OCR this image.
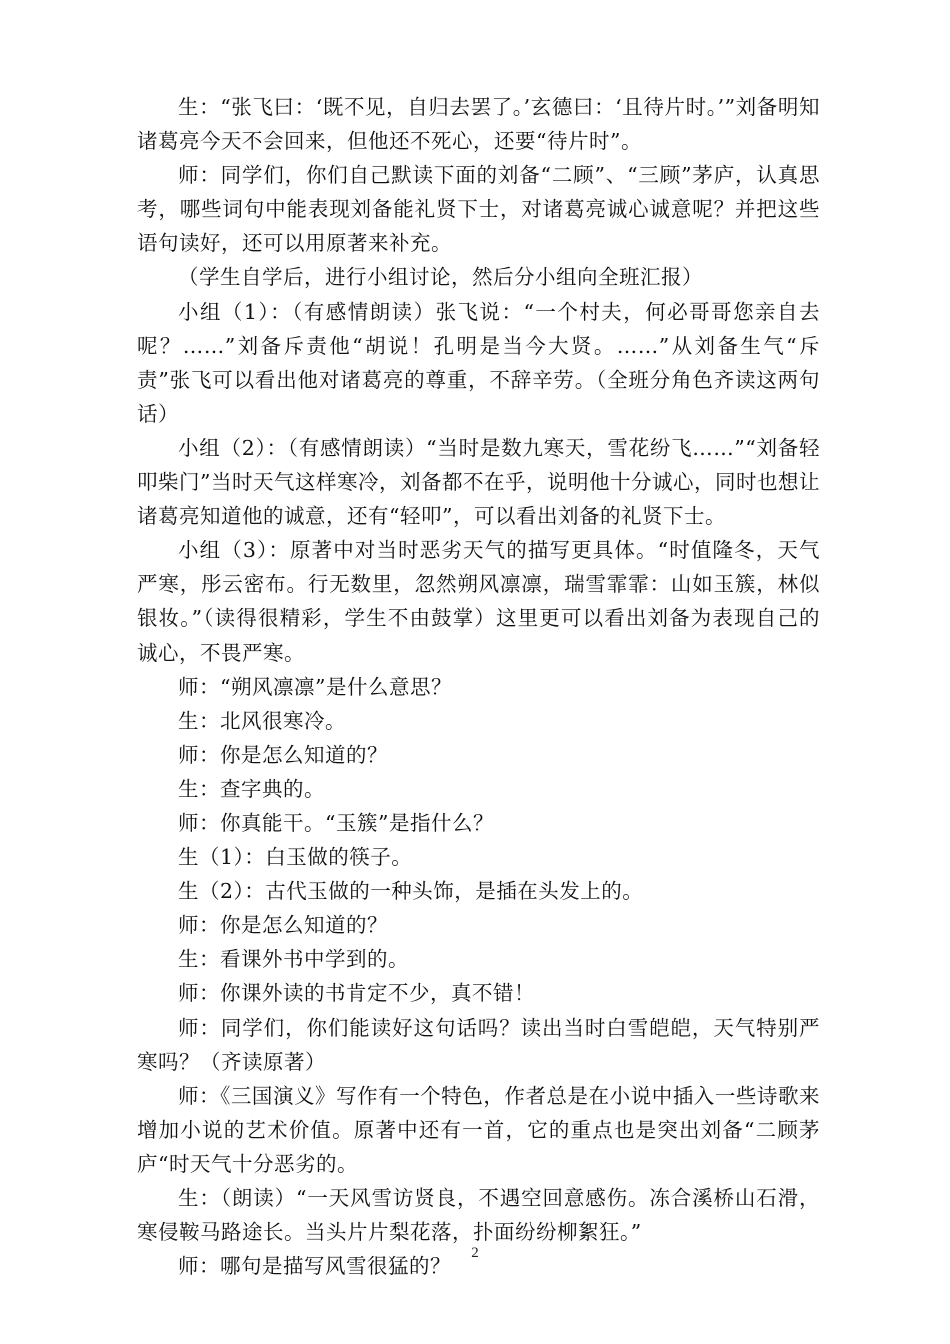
生：“张飞曰：‘既不见，自归去罢了。’玄德曰：‘且待片时。’”刘备明知诸葛亮今天不会回来，但他还不死心，还要“待片时”。

师：同学们，你们自己默读下面的刘备“二顾”、“三顾”茅庐，认真思考，哪些词句中能表现刘备能礼贤下士，对诸葛亮诚心诚意呢？并把这些语句读好，还可以用原著来补充。

（学生自学后，进行小组讨论，然后分小组向全班汇报）

小组（1）：（有感情朗读）张飞说：“一个村夫，何必哥哥您亲自去呢？……”刘备斥责他“胡说！孔明是当今大贤。……”从刘备生气“斥责”张飞可以看出他对诸葛亮的尊重，不辞辛劳。（全班分角色齐读这两句话）

小组（2）：（有感情朗读）“当时是数九寒天，雪花纷飞……”“刘备轻叩柴门”当时天气这样寒冷，刘备都不在乎，说明他十分诚心，同时也想让诸葛亮知道他的诚意，还有“轻叩”，可以看出刘备的礼贤下士。

小组（3）：原著中对当时恶劣天气的描写更具体。“时值隆冬，天气严寒，彤云密布。行无数里，忽然朔风凛凛，瑞雪霏霏：山如玉簇，林似银妆。”（读得很精彩，学生不由鼓掌）这里更可以看出刘备为表现自己的诚心，不畏严寒。

师：“朔风凛凛”是什么意思？

生：北风很寒冷。

师：你是怎么知道的？

生：查字典的。

师：你真能干。“玉簇”是指什么？

生（1）：白玉做的筷子。

生（2）：古代玉做的一种头饰，是插在头发上的。

师：你是怎么知道的？

生：看课外书中学到的。

师：你课外读的书肯定不少，真不错！

师：同学们，你们能读好这句话吗？读出当时白雪皑皑，天气特别严寒吗？（齐读原著）

师：《三国演义》写作有一个特色，作者总是在小说中插入一些诗歌来增加小说的艺术价值。原著中还有一首，它的重点也是突出刘备“二顾茅庐“时天气十分恶劣的。

生：（朗读）“一天风雪访贤良，不遇空回意感伤。冻合溪桥山石滑，寒侵鞍马路途长。当头片片梨花落，扑面纷纷柳絮狂。”

师：哪句是描写风雪很猛的？

2
